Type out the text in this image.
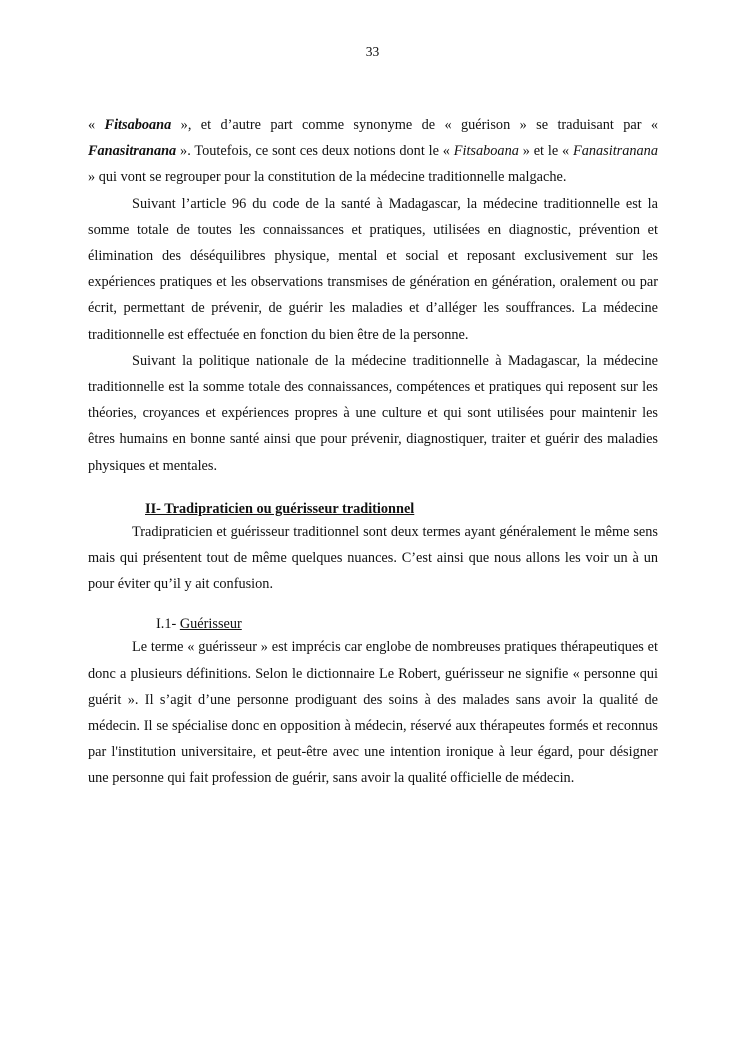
33

« Fitsaboana », et d’autre part comme synonyme de « guérison » se traduisant par « Fanasitranana ». Toutefois, ce sont ces deux notions dont le « Fitsaboana » et le « Fanasitranana » qui vont se regrouper pour la constitution de la médecine traditionnelle malgache.

Suivant l’article 96 du code de la santé à Madagascar, la médecine traditionnelle est la somme totale de toutes les connaissances et pratiques, utilisées en diagnostic, prévention et élimination des déséquilibres physique, mental et social et reposant exclusivement sur les expériences pratiques et les observations transmises de génération en génération, oralement ou par écrit, permettant de prévenir, de guérir les maladies et d’alléger les souffrances. La médecine traditionnelle est effectuée en fonction du bien être de la personne.

Suivant la politique nationale de la médecine traditionnelle à Madagascar, la médecine traditionnelle est la somme totale des connaissances, compétences et pratiques qui reposent sur les théories, croyances et expériences propres à une culture et qui sont utilisées pour maintenir les êtres humains en bonne santé ainsi que pour prévenir, diagnostiquer, traiter et guérir des maladies physiques et mentales.

II- Tradipraticien ou guérisseur traditionnel

Tradipraticien et guérisseur traditionnel sont deux termes ayant généralement le même sens mais qui présentent tout de même quelques nuances. C’est ainsi que nous allons les voir un à un pour éviter qu’il y ait confusion.

I.1- Guérisseur

Le terme « guérisseur » est imprécis car englobe de nombreuses pratiques thérapeutiques et donc a plusieurs définitions. Selon le dictionnaire Le Robert, guérisseur ne signifie « personne qui guérit ». Il s’agit d’une personne prodiguant des soins à des malades sans avoir la qualité de médecin. Il se spécialise donc en opposition à médecin, réservé aux thérapeutes formés et reconnus par l'institution universitaire, et peut-être avec une intention ironique à leur égard, pour désigner une personne qui fait profession de guérir, sans avoir la qualité officielle de médecin.
